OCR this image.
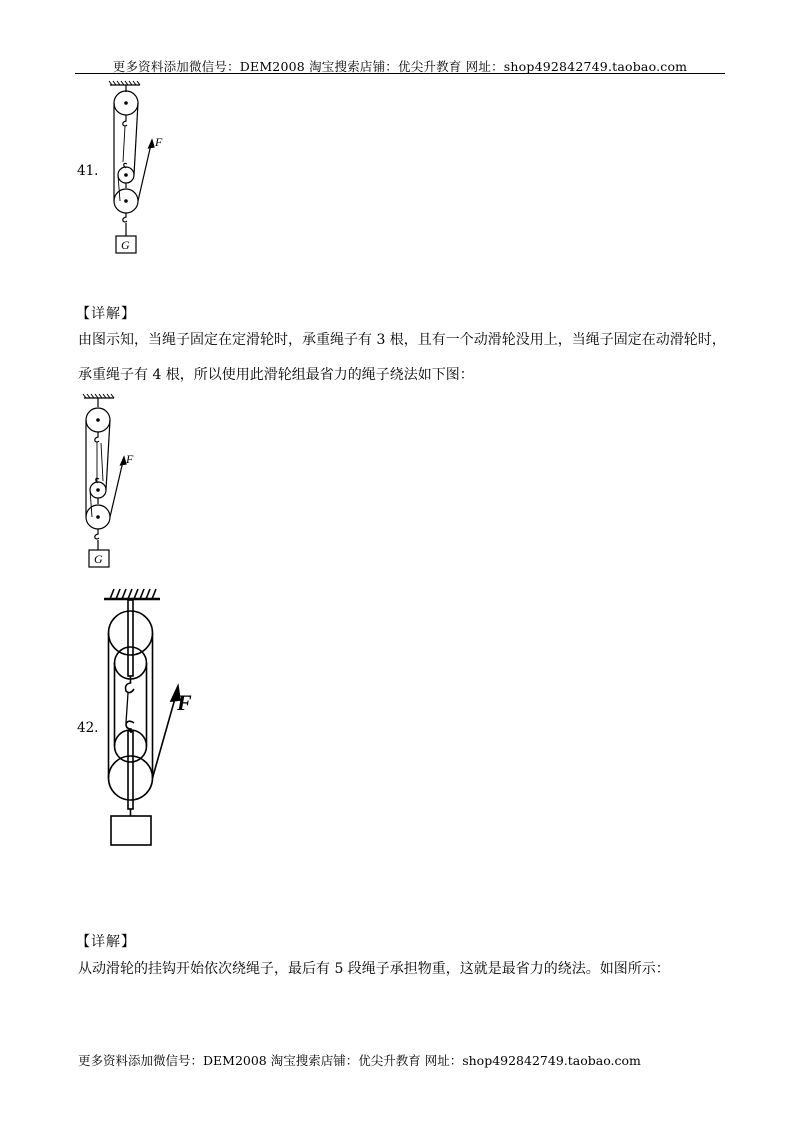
更多资料添加微信号：DEM2008 淘宝搜索店铺：优尖升教育 网址：shop492842749.taobao.com
41.
F
G
【详解】
由图示知，当绳子固定在定滑轮时，承重绳子有 3 根，且有一个动滑轮没用上，当绳子固定在动滑轮时，
承重绳子有 4 根，所以使用此滑轮组最省力的绳子绕法如下图：
F
G
42.
F
【详解】
从动滑轮的挂钩开始依次绕绳子，最后有 5 段绳子承担物重，这就是最省力的绕法。如图所示：
更多资料添加微信号：DEM2008 淘宝搜索店铺：优尖升教育 网址：shop492842749.taobao.com
